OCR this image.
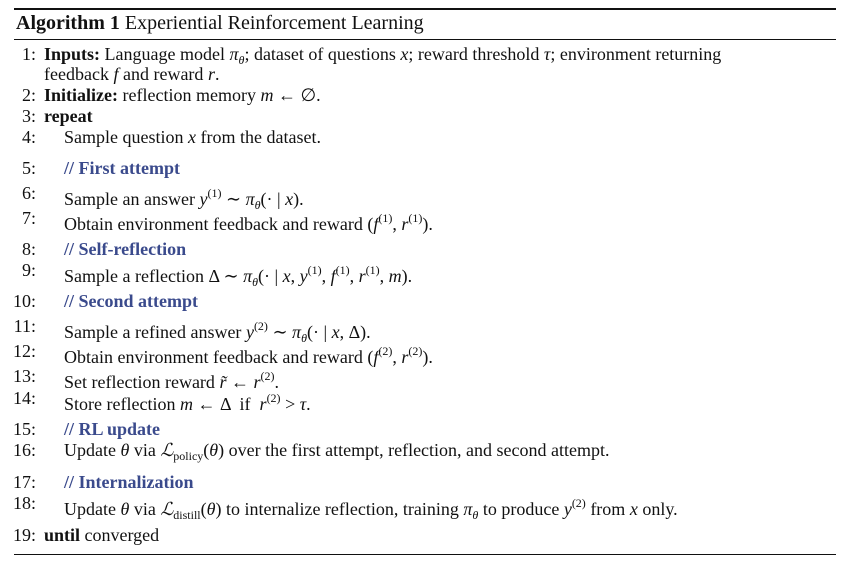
Algorithm 1 Experiential Reinforcement Learning
1: Inputs: Language model $\pi_\theta$; dataset of questions x; reward threshold τ; environment returning
feedback f and reward r.
2: Initialize: reflection memory m ← ∅.
3: repeat
4: Sample question x from the dataset.
5: // First attempt
6: Sample an answer $y^{(1)}$ ∼ $\pi_\theta(\cdot$ | x).
7: Obtain environment feedback and reward ($f^{(1)}$, $r^{(1)}$).
8: // Self-reflection
9: Sample a reflection Δ ∼ $\pi_\theta(\cdot$ | x, $y^{(1)}$, $f^{(1)}$, $r^{(1)}$, m).
10: // Second attempt
11: Sample a refined answer $y^{(2)}$ ∼ $\pi_\theta(\cdot$ | x, Δ).
12: Obtain environment feedback and reward ($f^{(2)}$, $r^{(2)}$).
13: Set reflection reward r̃ ← $r^{(2)}$.
14: Store reflection m ← Δ  if  $r^{(2)} > \tau$.
15: // RL update
16: Update θ via ℒ$_{policy}$(θ) over the first attempt, reflection, and second attempt.
17: // Internalization
18: Update θ via ℒ$_{distill}$(θ) to internalize reflection, training $\pi_\theta$ to produce $y^{(2)}$ from x only.
19: until converged
